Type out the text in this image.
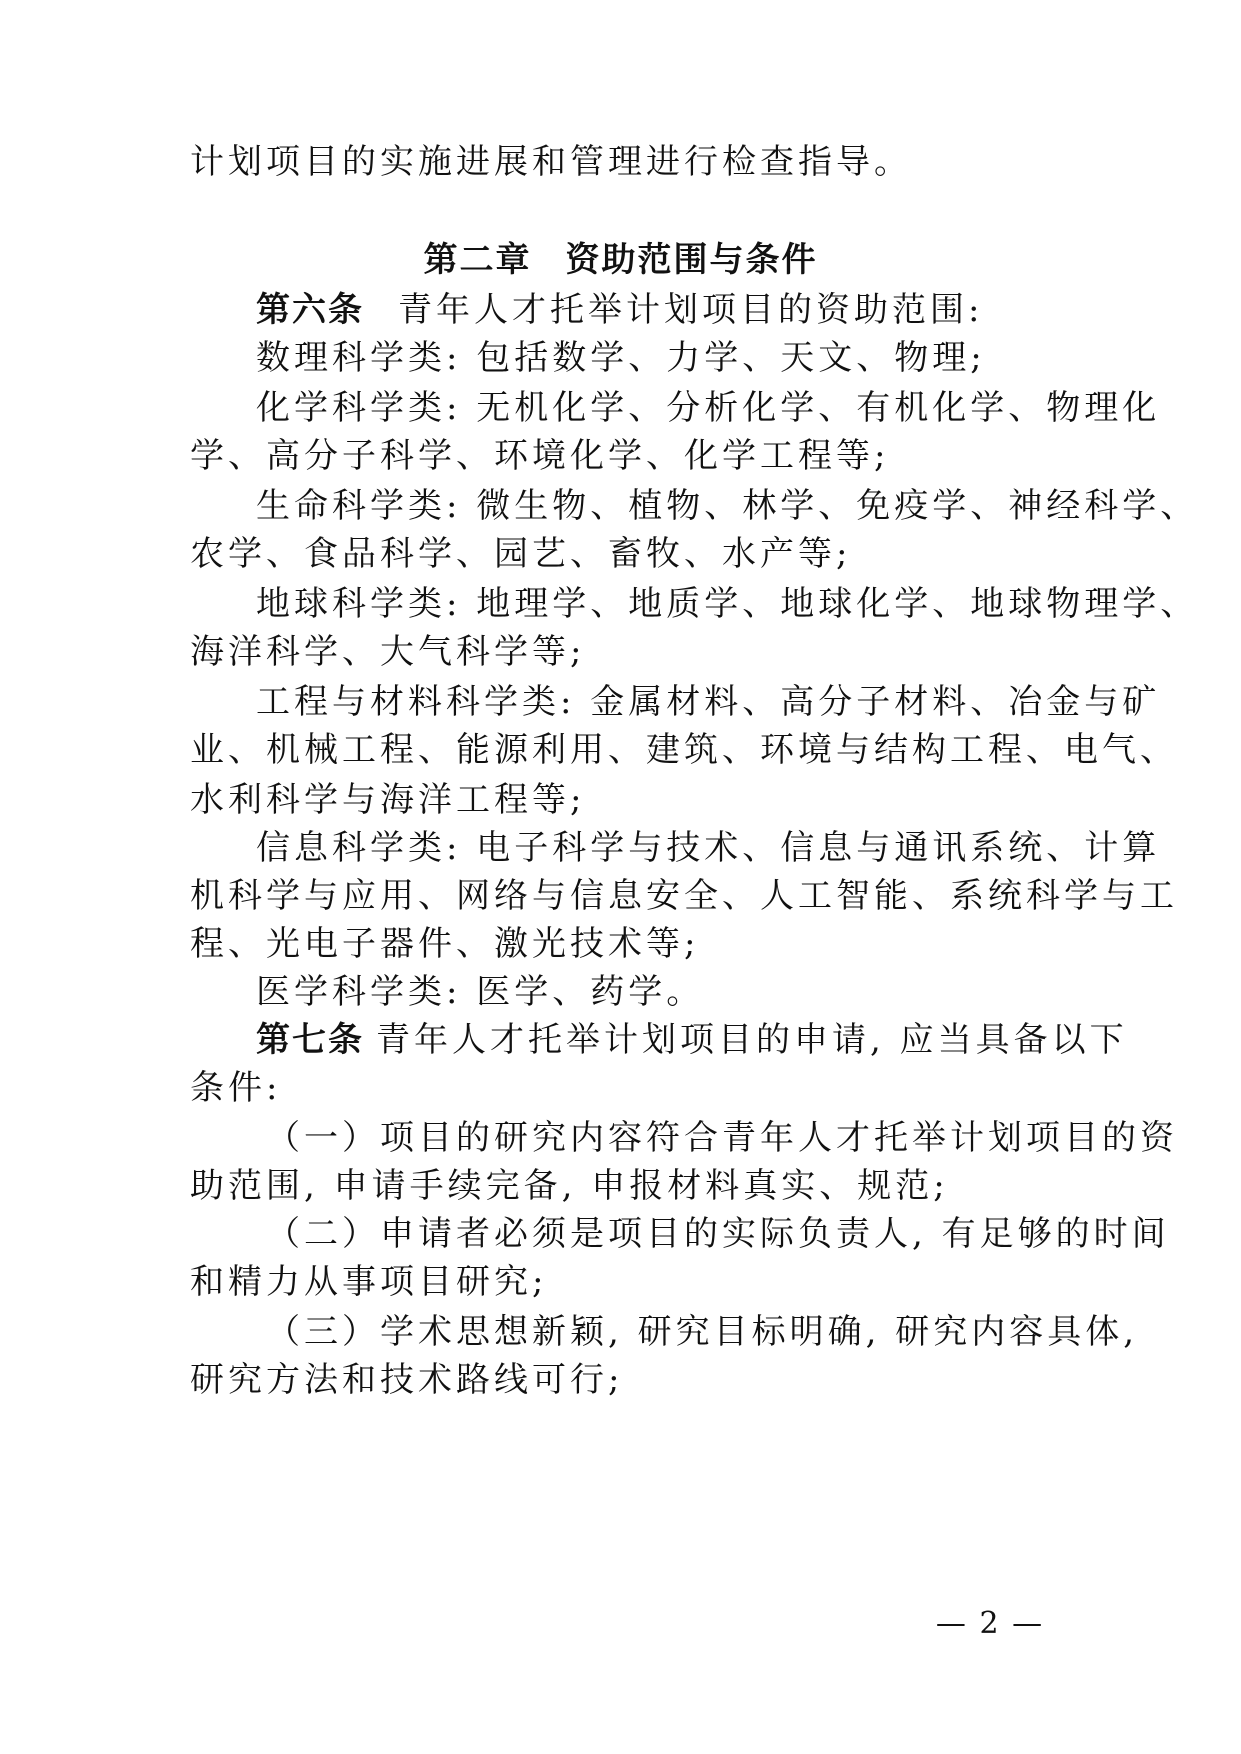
计划项目的实施进展和管理进行检查指导。
第二章 资助范围与条件
第六条 青年人才托举计划项目的资助范围:
数理科学类: 包括数学、力学、天文、物理;
化学科学类: 无机化学、分析化学、有机化学、物理化
学、高分子科学、环境化学、化学工程等;
生命科学类: 微生物、植物、林学、免疫学、神经科学、
农学、食品科学、园艺、畜牧、水产等;
地球科学类: 地理学、地质学、地球化学、地球物理学、
海洋科学、大气科学等;
工程与材料科学类: 金属材料、高分子材料、冶金与矿
业、机械工程、能源利用、建筑、环境与结构工程、电气、
水利科学与海洋工程等;
信息科学类: 电子科学与技术、信息与通讯系统、计算
机科学与应用、网络与信息安全、人工智能、系统科学与工
程、光电子器件、激光技术等;
医学科学类: 医学、药学。
第七条 青年人才托举计划项目的申请, 应当具备以下
条件:
（一）项目的研究内容符合青年人才托举计划项目的资
助范围, 申请手续完备, 申报材料真实、规范;
（二）申请者必须是项目的实际负责人, 有足够的时间
和精力从事项目研究;
（三）学术思想新颖, 研究目标明确, 研究内容具体,
研究方法和技术路线可行;
— 2 —
